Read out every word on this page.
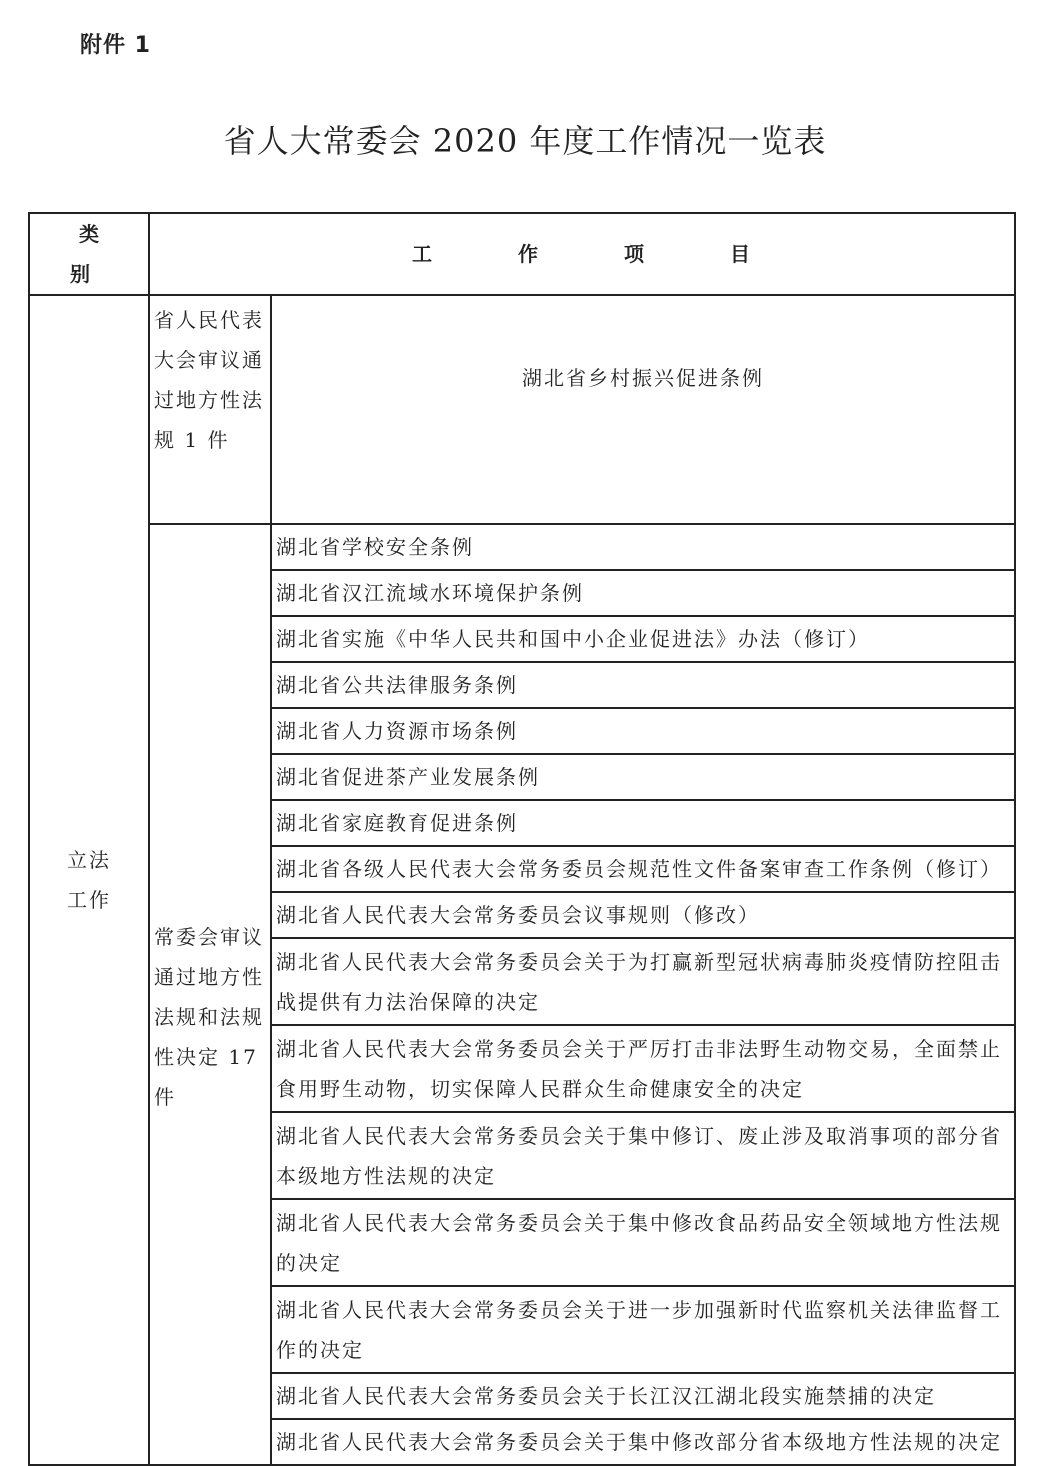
附件 1
省人大常委会 2020 年度工作情况一览表
类 别	工 作 项 目	
立法工作	省人民代表大会审议通过地方性法规 1 件	湖北省乡村振兴促进条例
	常委会审议通过地方性法规和法规性决定 17 件	湖北省学校安全条例
		湖北省汉江流域水环境保护条例
		湖北省实施《中华人民共和国中小企业促进法》办法（修订）
		湖北省公共法律服务条例
		湖北省人力资源市场条例
		湖北省促进茶产业发展条例
		湖北省家庭教育促进条例
		湖北省各级人民代表大会常务委员会规范性文件备案审查工作条例（修订）
		湖北省人民代表大会常务委员会议事规则（修改）
		湖北省人民代表大会常务委员会关于为打赢新型冠状病毒肺炎疫情防控阻击战提供有力法治保障的决定
		湖北省人民代表大会常务委员会关于严厉打击非法野生动物交易，全面禁止食用野生动物，切实保障人民群众生命健康安全的决定
		湖北省人民代表大会常务委员会关于集中修订、废止涉及取消事项的部分省本级地方性法规的决定
		湖北省人民代表大会常务委员会关于集中修改食品药品安全领域地方性法规的决定
		湖北省人民代表大会常务委员会关于进一步加强新时代监察机关法律监督工作的决定
		湖北省人民代表大会常务委员会关于长江汉江湖北段实施禁捕的决定
		湖北省人民代表大会常务委员会关于集中修改部分省本级地方性法规的决定
